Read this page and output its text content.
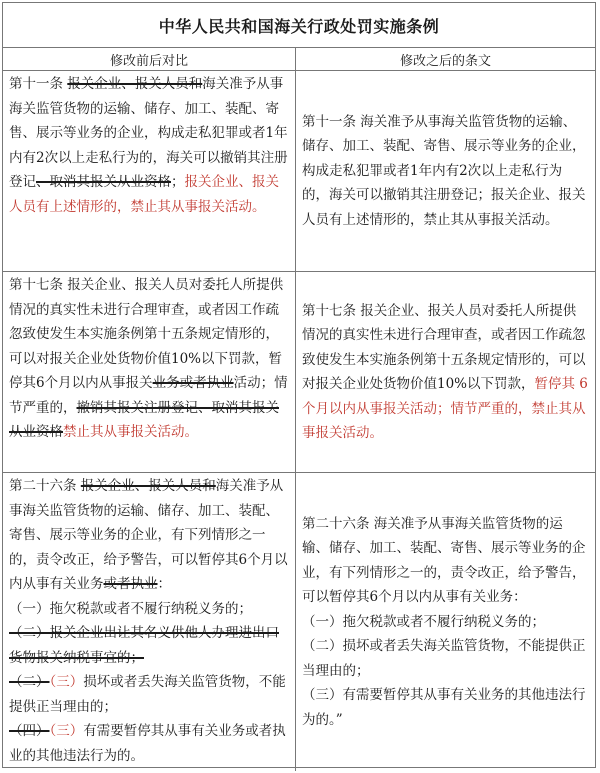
中华人民共和国海关行政处罚实施条例
修改前后对比	修改之后的条文
第十一条 报关企业、报关人员和海关准予从事海关监管货物的运输、储存、加工、装配、寄售、展示等业务的企业，构成走私犯罪或者1年内有2次以上走私行为的，海关可以撤销其注册登记、取消其报关从业资格；报关企业、报关人员有上述情形的，禁止其从事报关活动。
第十一条 海关准予从事海关监管货物的运输、储存、加工、装配、寄售、展示等业务的企业，构成走私犯罪或者1年内有2次以上走私行为的，海关可以撤销其注册登记；报关企业、报关人员有上述情形的，禁止其从事报关活动。
第十七条 报关企业、报关人员对委托人所提供情况的真实性未进行合理审查，或者因工作疏忽致使发生本实施条例第十五条规定情形的，可以对报关企业处货物价值10%以下罚款，暂停其6个月以内从事报关业务或者执业活动；情节严重的，撤销其报关注册登记、取消其报关从业资格禁止其从事报关活动。
第十七条 报关企业、报关人员对委托人所提供情况的真实性未进行合理审查，或者因工作疏忽致使发生本实施条例第十五条规定情形的，可以对报关企业处货物价值10%以下罚款，暂停其 6 个月以内从事报关活动；情节严重的，禁止其从事报关活动。

第二十六条 报关企业、报关人员和海关准予从事海关监管货物的运输、储存、加工、装配、寄售、展示等业务的企业，有下列情形之一的，责令改正，给予警告，可以暂停其6个月以内从事有关业务或者执业：

（一）拖欠税款或者不履行纳税义务的；

（二）报关企业出让其名义供他人办理进出口货物报关纳税事宜的；

（二）（三）损坏或者丢失海关监管货物，不能提供正当理由的；

（四）（三）有需要暂停其从事有关业务或者执业的其他违法行为的。

第二十六条 海关准予从事海关监管货物的运输、储存、加工、装配、寄售、展示等业务的企业，有下列情形之一的，责令改正，给予警告，可以暂停其6个月以内从事有关业务：

（一）拖欠税款或者不履行纳税义务的；

（二）损坏或者丢失海关监管货物，不能提供正当理由的；

（三）有需要暂停其从事有关业务的其他违法行为的。”
